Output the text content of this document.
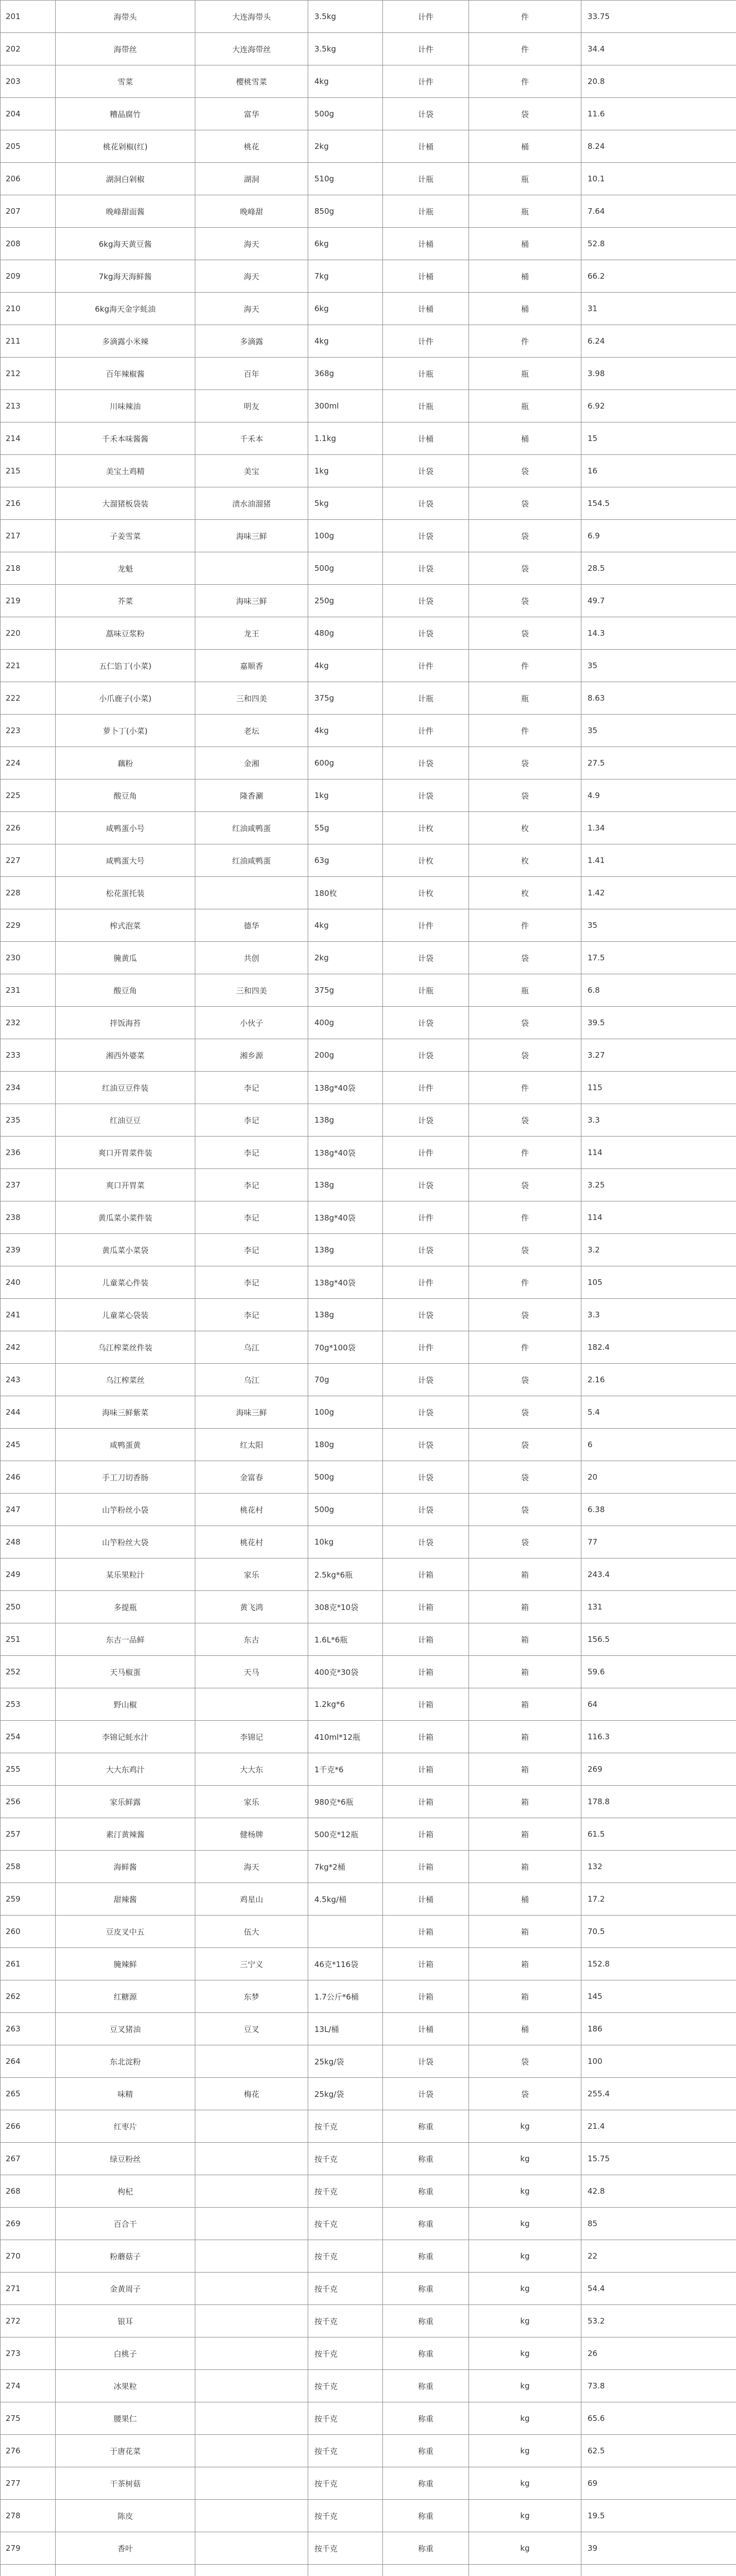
201	海带头	大连海带头	3.5kg	计件	件	33.75
202	海带丝	大连海带丝	3.5kg	计件	件	34.4
203	雪菜	樱桃雪菜	4kg	计件	件	20.8
204	糟晶腐竹	富华	500g	计袋	袋	11.6
205	桃花剁椒(红)	桃花	2kg	计桶	桶	8.24
206	湖洞白剁椒	湖洞	510g	计瓶	瓶	10.1
207	晚峰甜面酱	晚峰甜	850g	计瓶	瓶	7.64
208	6kg海天黄豆酱	海天	6kg	计桶	桶	52.8
209	7kg海天海鲜酱	海天	7kg	计桶	桶	66.2
210	6kg海天金字蚝油	海天	6kg	计桶	桶	31
211	多滴露小米辣	多滴露	4kg	计件	件	6.24
212	百年辣椒酱	百年	368g	计瓶	瓶	3.98
213	川味辣油	明友	300ml	计瓶	瓶	6.92
214	千禾本味酱酱	千禾本	1.1kg	计桶	桶	15
215	美宝土鸡精	美宝	1kg	计袋	袋	16
216	大溜猪板袋装	渍水油溜猪	5kg	计袋	袋	154.5
217	子姜雪菜	海味三鲜	100g	计袋	袋	6.9
218	龙魁		500g	计袋	袋	28.5
219	芥菜	海味三鲜	250g	计袋	袋	49.7
220	藠味豆浆粉	龙王	480g	计袋	袋	14.3
221	五仁馅丁(小菜)	嘉顺香	4kg	计件	件	35
222	小爪鹿子(小菜)	三和四美	375g	计瓶	瓶	8.63
223	萝卜丁(小菜)	老坛	4kg	计件	件	35
224	藕粉	金湘	600g	计袋	袋	27.5
225	酸豆角	隆香涮	1kg	计袋	袋	4.9
226	咸鸭蛋小号	红油咸鸭蛋	55g	计枚	枚	1.34
227	咸鸭蛋大号	红油咸鸭蛋	63g	计枚	枚	1.41
228	松花蛋托装		180枚	计枚	枚	1.42
229	榨式泡菜	德华	4kg	计件	件	35
230	腌黄瓜	共创	2kg	计袋	袋	17.5
231	酸豆角	三和四美	375g	计瓶	瓶	6.8
232	拌饭海苔	小伙子	400g	计袋	袋	39.5
233	湘西外婆菜	湘乡源	200g	计袋	袋	3.27
234	红油豆豆件装	李记	138g*40袋	计件	件	115
235	红油豆豆	李记	138g	计袋	袋	3.3
236	爽口开胃菜件装	李记	138g*40袋	计件	件	114
237	爽口开胃菜	李记	138g	计袋	袋	3.25
238	黄瓜菜小菜件装	李记	138g*40袋	计件	件	114
239	黄瓜菜小菜袋	李记	138g	计袋	袋	3.2
240	儿童菜心件装	李记	138g*40袋	计件	件	105
241	儿童菜心袋装	李记	138g	计袋	袋	3.3
242	乌江榨菜丝件装	乌江	70g*100袋	计件	件	182.4
243	乌江榨菜丝	乌江	70g	计袋	袋	2.16
244	海味三鲜紫菜	海味三鲜	100g	计袋	袋	5.4
245	咸鸭蛋黄	红太阳	180g	计袋	袋	6
246	手工刀切香肠	金富春	500g	计袋	袋	20
247	山竽粉丝小袋	桃花村	500g	计袋	袋	6.38
248	山竽粉丝大袋	桃花村	10kg	计袋	袋	77
249	某乐果粒汁	家乐	2.5kg*6瓶	计箱	箱	243.4
250	多提瓶	黄飞鸿	308克*10袋	计箱	箱	131
251	东古一品鲜	东古	1.6L*6瓶	计箱	箱	156.5
252	天马椒蛋	天马	400克*30袋	计箱	箱	59.6
253	野山椒		1.2kg*6	计箱	箱	64
254	李锦记蚝水汁	李锦记	410ml*12瓶	计箱	箱	116.3
255	大大东鸡汁	大大东	1千克*6	计箱	箱	269
256	家乐鲜露	家乐	980克*6瓶	计箱	箱	178.8
257	素汀黄辣酱	健杨牌	500克*12瓶	计箱	箱	61.5
258	海鲜酱	海天	7kg*2桶	计箱	箱	132
259	甜辣酱	鸡星山	4.5kg/桶	计桶	桶	17.2
260	豆皮叉中五	伍大		计箱	箱	70.5
261	腌辣鲜	三宁义	46克*116袋	计箱	箱	152.8
262	红糖源	东梦	1.7公斤*6桶	计箱	箱	145
263	豆叉猪油	豆叉	13L/桶	计桶	桶	186
264	东北淀粉		25kg/袋	计袋	袋	100
265	味精	梅花	25kg/袋	计袋	袋	255.4
266	红枣片		按千克	称重	kg	21.4
267	绿豆粉丝		按千克	称重	kg	15.75
268	枸杞		按千克	称重	kg	42.8
269	百合干		按千克	称重	kg	85
270	粉蘑菇子		按千克	称重	kg	22
271	金黄周子		按千克	称重	kg	54.4
272	银耳		按千克	称重	kg	53.2
273	白桃子		按千克	称重	kg	26
274	冰果粒		按千克	称重	kg	73.8
275	腰果仁		按千克	称重	kg	65.6
276	于唐花菜		按千克	称重	kg	62.5
277	干茶树菇		按千克	称重	kg	69
278	陈皮		按千克	称重	kg	19.5
279	香叶		按千克	称重	kg	39
